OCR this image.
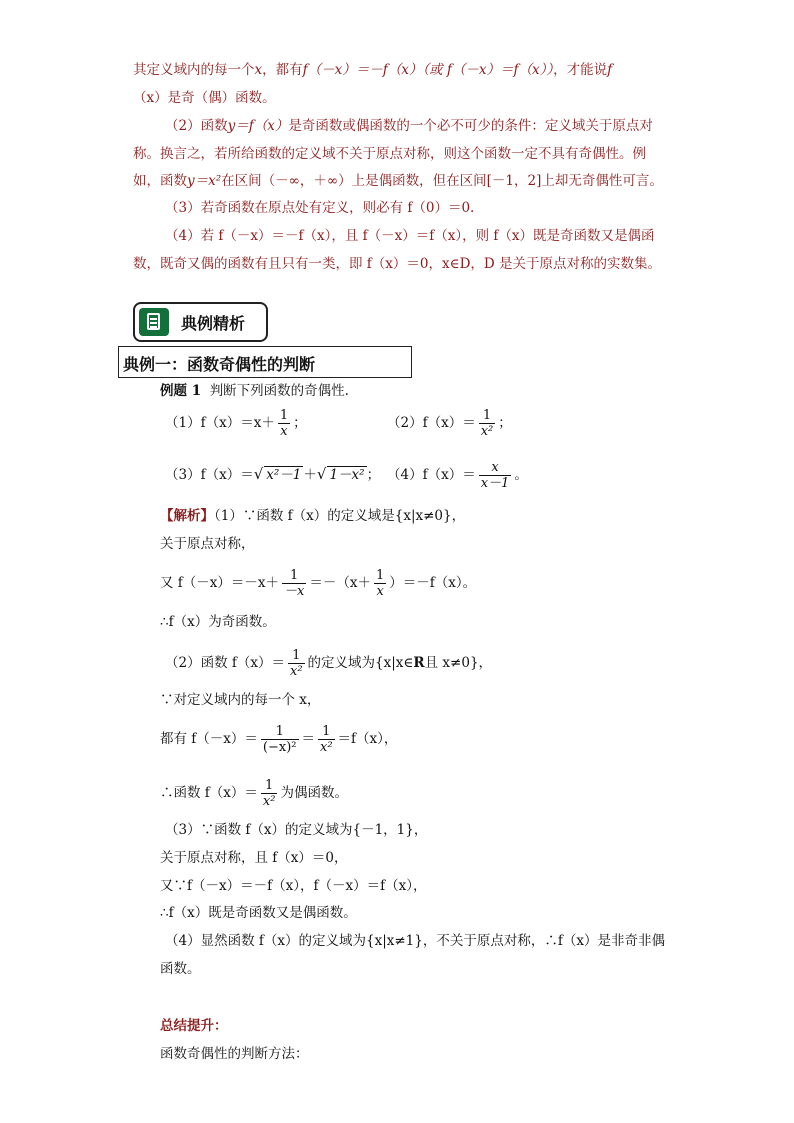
其定义域内的每一个x，都有f（－x）＝－f（x）（或 f（－x）＝f（x）），才能说f
（x）是奇（偶）函数。
（2）函数y＝f（x）是奇函数或偶函数的一个必不可少的条件：定义域关于原点对
称。换言之，若所给函数的定义域不关于原点对称，则这个函数一定不具有奇偶性。例
如，函数y＝x²在区间（－∞，＋∞）上是偶函数，但在区间[－1，2]上却无奇偶性可言。
（3）若奇函数在原点处有定义，则必有 f（0）＝0.
（4）若 f（－x）＝－f（x），且 f（－x）＝f（x），则 f（x）既是奇函数又是偶函
数，既奇又偶的函数有且只有一类，即 f（x）＝0，x∈D，D 是关于原点对称的实数集。
典例精析
典例一：函数奇偶性的判断
例题 1 判断下列函数的奇偶性.
$(1)f(x)=x+ \frac{1}{x}$ ；	$(2)f(x)= \frac{1}{\text{x²}}$ ；
（3）f（x）＝√ x²－1 ＋√ 1－x² ； $(4)f(x)= \frac{x}{x-1}$ 。
【解析】（1）∵函数 f（x）的定义域是{x|x≠0}，
关于原点对称，
又 $f(-x)=-x+ \frac{1}{-x} =-(x+ \frac{1}{x} )=-f(x)$。
∴f（x）为奇函数。
（2）函数 $f(x)= \frac{1}{\text{x²}}$ 的定义域为{x|x∈R且 x≠0}，
∵对定义域内的每一个 x，
都有 $f(-x)= \frac{1}{\text{(−x)²}} = \frac{1}{\text{x²}} =f(x)$，
∴函数 $f(x)= \frac{1}{\text{x²}}$ 为偶函数。
（3）∵函数 f（x）的定义域为{－1，1}，
关于原点对称，且 f（x）＝0，
又∵f（－x）＝－f（x），f（－x）＝f（x），
∴f（x）既是奇函数又是偶函数。
（4）显然函数 f（x）的定义域为{x|x≠1}，不关于原点对称，∴f（x）是非奇非偶
函数。
总结提升：
函数奇偶性的判断方法：
